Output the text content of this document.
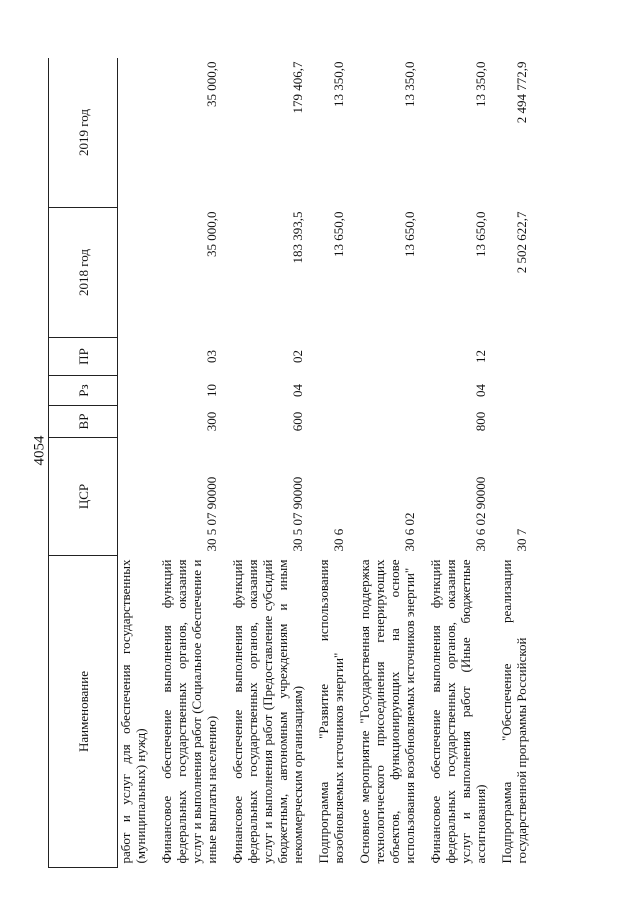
4054
Наименование	ЦСР	ВР	Рз	ПР	2018 год	2019 год
работ и услуг для обеспечения государственных (муниципальных) нужд)						
Финансовое обеспечение выполнения функций федеральных государственных органов, оказания услуг и выполнения работ (Социальное обеспечение и иные выплаты населению)	30 5 07 90000	300	10	03	35 000,0	35 000,0
Финансовое обеспечение выполнения функций федеральных государственных органов, оказания услуг и выполнения работ (Предоставление субсидий бюджетным, автономным учреждениям и иным некоммерческим организациям)	30 5 07 90000	600	04	02	183 393,5	179 406,7
Подпрограмма "Развитие использования возобновляемых источников энергии"	30 6				13 650,0	13 350,0
Основное мероприятие "Государственная поддержка технологического присоединения генерирующих объектов, функционирующих на основе использования возобновляемых источников энергии"	30 6 02				13 650,0	13 350,0
Финансовое обеспечение выполнения функций федеральных государственных органов, оказания услуг и выполнения работ (Иные бюджетные ассигнования)	30 6 02 90000	800	04	12	13 650,0	13 350,0
Подпрограмма "Обеспечение реализации государственной программы Российской	30 7				2 502 622,7	2 494 772,9
